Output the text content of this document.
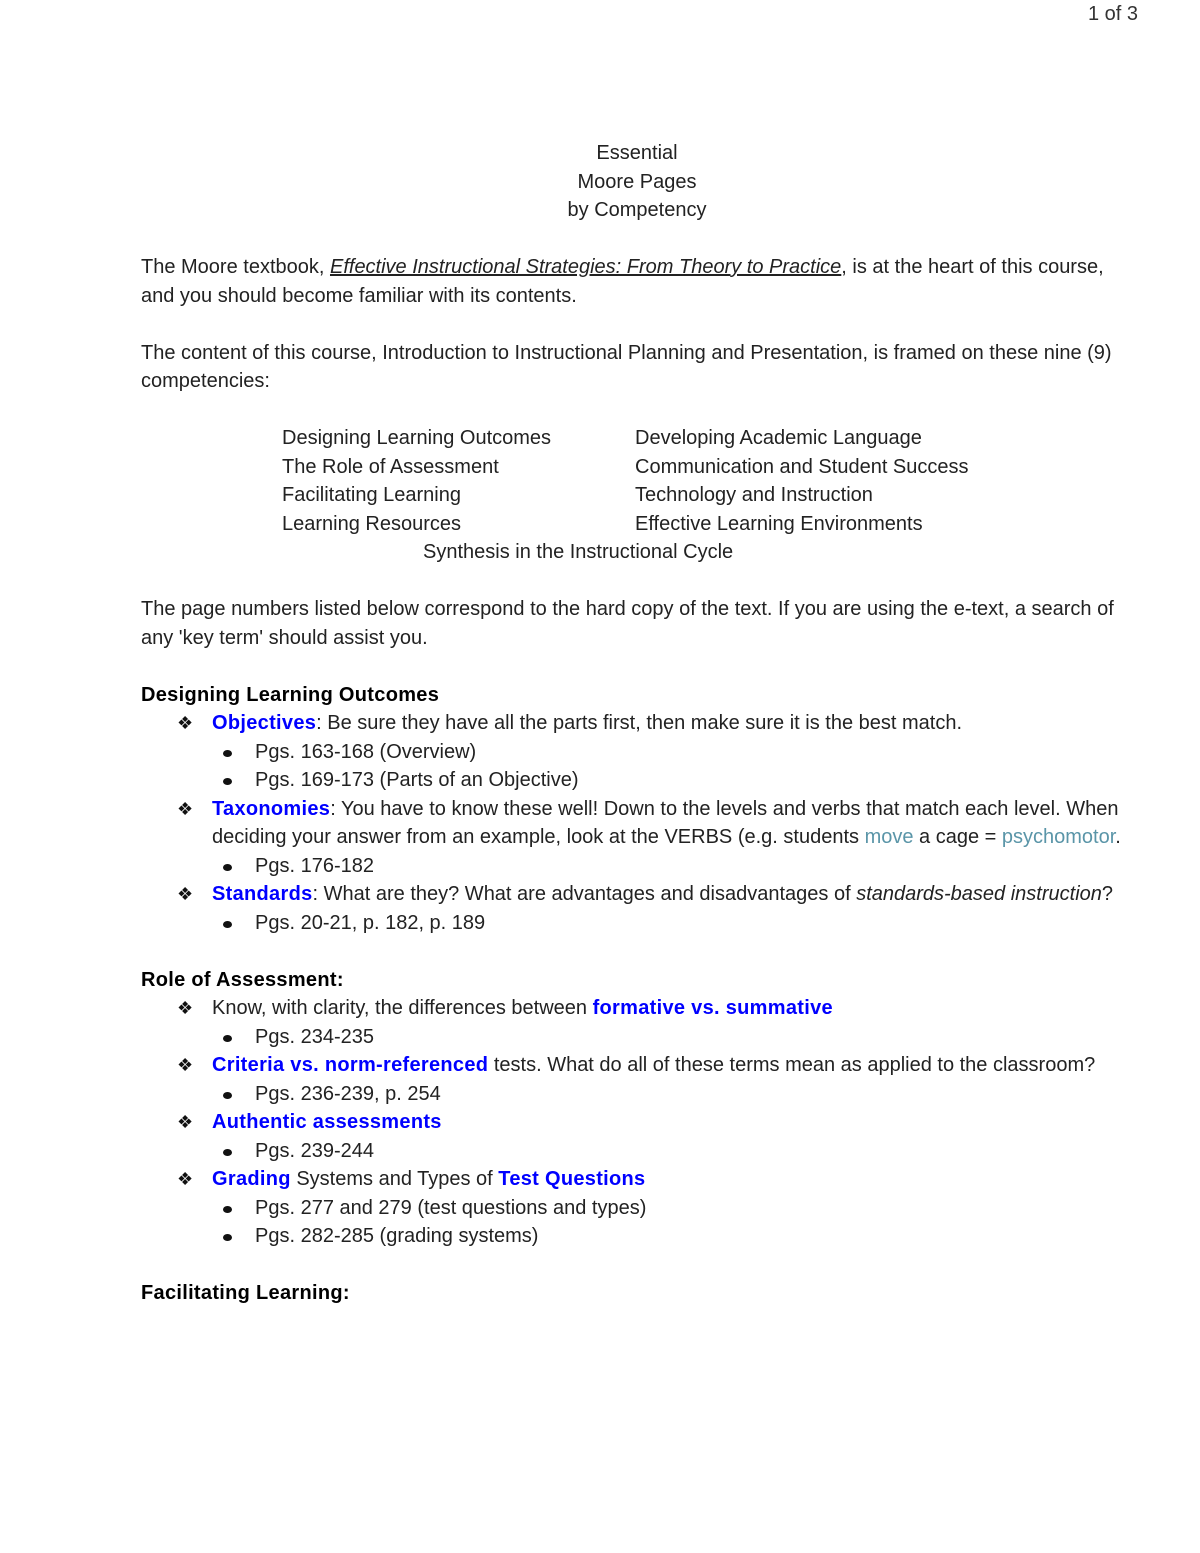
1 of 3
Essential
Moore Pages
by Competency
The Moore textbook, Effective Instructional Strategies: From Theory to Practice, is at the heart of this course, and you should become familiar with its contents.
The content of this course, Introduction to Instructional Planning and Presentation, is framed on these nine (9) competencies:
Designing Learning Outcomes	Developing Academic Language
The Role of Assessment	Communication and Student Success
Facilitating Learning	Technology and Instruction
Learning Resources	Effective Learning Environments
Synthesis in the Instructional Cycle
The page numbers listed below correspond to the hard copy of the text. If you are using the e-text, a search of any 'key term' should assist you.
Designing Learning Outcomes
❖ Objectives: Be sure they have all the parts first, then make sure it is the best match.
Pgs. 163-168 (Overview)
Pgs. 169-173 (Parts of an Objective)
❖ Taxonomies: You have to know these well! Down to the levels and verbs that match each level. When deciding your answer from an example, look at the VERBS (e.g. students move a cage = psychomotor.
Pgs. 176-182
❖ Standards: What are they? What are advantages and disadvantages of standards-based instruction?
Pgs. 20-21, p. 182, p. 189
Role of Assessment:
❖ Know, with clarity, the differences between formative vs. summative
Pgs. 234-235
❖ Criteria vs. norm-referenced tests. What do all of these terms mean as applied to the classroom?
Pgs. 236-239, p. 254
❖ Authentic assessments
Pgs. 239-244
❖ Grading Systems and Types of Test Questions
Pgs. 277 and 279 (test questions and types)
Pgs. 282-285 (grading systems)
Facilitating Learning:
